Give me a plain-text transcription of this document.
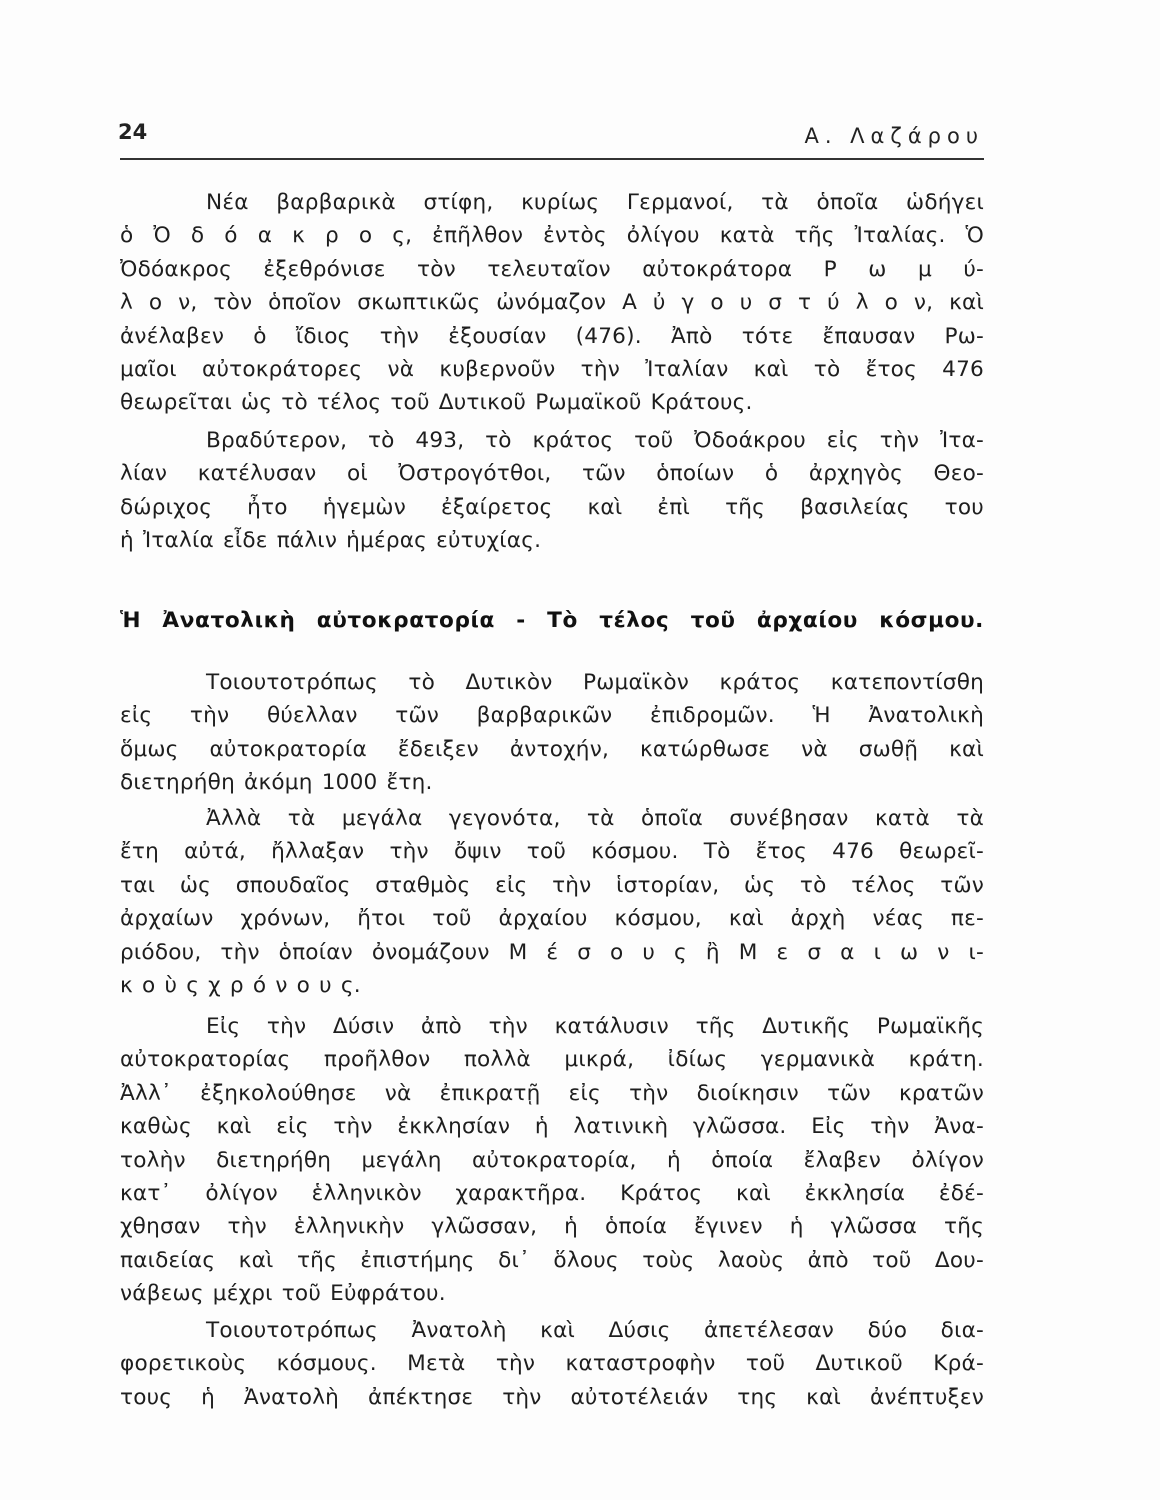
24	Α. Λαζάρου
Νέα βαρβαρικὰ στίφη, κυρίως Γερμανοί, τὰ ὁποῖα ὡδήγει
ὁ Ὀ δ ό α κ ρ ο ς, ἐπῆλθον ἐντὸς ὀλίγου κατὰ τῆς Ἰταλίας. Ὁ
Ὀδόακρος ἐξεθρόνισε τὸν τελευταῖον αὐτοκράτορα Ρ ω μ ύ-
λ ο ν, τὸν ὁποῖον σκωπτικῶς ὠνόμαζον Α ὐ γ ο υ σ τ ύ λ ο ν, καὶ
ἀνέλαβεν ὁ ἴδιος τὴν ἐξουσίαν (476). Ἀπὸ τότε ἔπαυσαν Ρω-
μαῖοι αὐτοκράτορες νὰ κυβερνοῦν τὴν Ἰταλίαν καὶ τὸ ἔτος 476
θεωρεῖται ὡς τὸ τέλος τοῦ Δυτικοῦ Ρωμαϊκοῦ Κράτους.
Βραδύτερον, τὸ 493, τὸ κράτος τοῦ Ὀδοάκρου εἰς τὴν Ἰτα-
λίαν κατέλυσαν οἱ Ὀστρογότθοι, τῶν ὁποίων ὁ ἀρχηγὸς Θεο-
δώριχος ἦτο ἡγεμὼν ἐξαίρετος καὶ ἐπὶ τῆς βασιλείας του
ἡ Ἰταλία εἶδε πάλιν ἡμέρας εὐτυχίας.
Ἡ Ἀνατολικὴ αὐτοκρατορία - Τὸ τέλος τοῦ ἀρχαίου κόσμου.
Τοιουτοτρόπως τὸ Δυτικὸν Ρωμαϊκὸν κράτος κατεποντίσθη
εἰς τὴν θύελλαν τῶν βαρβαρικῶν ἐπιδρομῶν. Ἡ Ἀνατολικὴ
ὅμως αὐτοκρατορία ἔδειξεν ἀντοχήν, κατώρθωσε νὰ σωθῇ καὶ
διετηρήθη ἀκόμη 1000 ἔτη.
Ἀλλὰ τὰ μεγάλα γεγονότα, τὰ ὁποῖα συνέβησαν κατὰ τὰ
ἔτη αὐτά, ἤλλαξαν τὴν ὄψιν τοῦ κόσμου. Τὸ ἔτος 476 θεωρεῖ-
ται ὡς σπουδαῖος σταθμὸς εἰς τὴν ἱστορίαν, ὡς τὸ τέλος τῶν
ἀρχαίων χρόνων, ἤτοι τοῦ ἀρχαίου κόσμου, καὶ ἀρχὴ νέας πε-
ριόδου, τὴν ὁποίαν ὀνομάζουν Μ έ σ ο υ ς ἢ Μ ε σ α ι ω ν ι-
κ ο ὺ ς χ ρ ό ν ο υ ς.
Εἰς τὴν Δύσιν ἀπὸ τὴν κατάλυσιν τῆς Δυτικῆς Ρωμαϊκῆς
αὐτοκρατορίας προῆλθον πολλὰ μικρά, ἰδίως γερμανικὰ κράτη.
Ἀλλ᾽ ἐξηκολούθησε νὰ ἐπικρατῇ εἰς τὴν διοίκησιν τῶν κρατῶν
καθὼς καὶ εἰς τὴν ἐκκλησίαν ἡ λατινικὴ γλῶσσα. Εἰς τὴν Ἀνα-
τολὴν διετηρήθη μεγάλη αὐτοκρατορία, ἡ ὁποία ἔλαβεν ὀλίγον
κατ᾽ ὀλίγον ἑλληνικὸν χαρακτῆρα. Κράτος καὶ ἐκκλησία ἐδέ-
χθησαν τὴν ἑλληνικὴν γλῶσσαν, ἡ ὁποία ἔγινεν ἡ γλῶσσα τῆς
παιδείας καὶ τῆς ἐπιστήμης δι᾽ ὅλους τοὺς λαοὺς ἀπὸ τοῦ Δου-
νάβεως μέχρι τοῦ Εὐφράτου.
Τοιουτοτρόπως Ἀνατολὴ καὶ Δύσις ἀπετέλεσαν δύο δια-
φορετικοὺς κόσμους. Μετὰ τὴν καταστροφὴν τοῦ Δυτικοῦ Κρά-
τους ἡ Ἀνατολὴ ἀπέκτησε τὴν αὐτοτέλειάν της καὶ ἀνέπτυξεν
